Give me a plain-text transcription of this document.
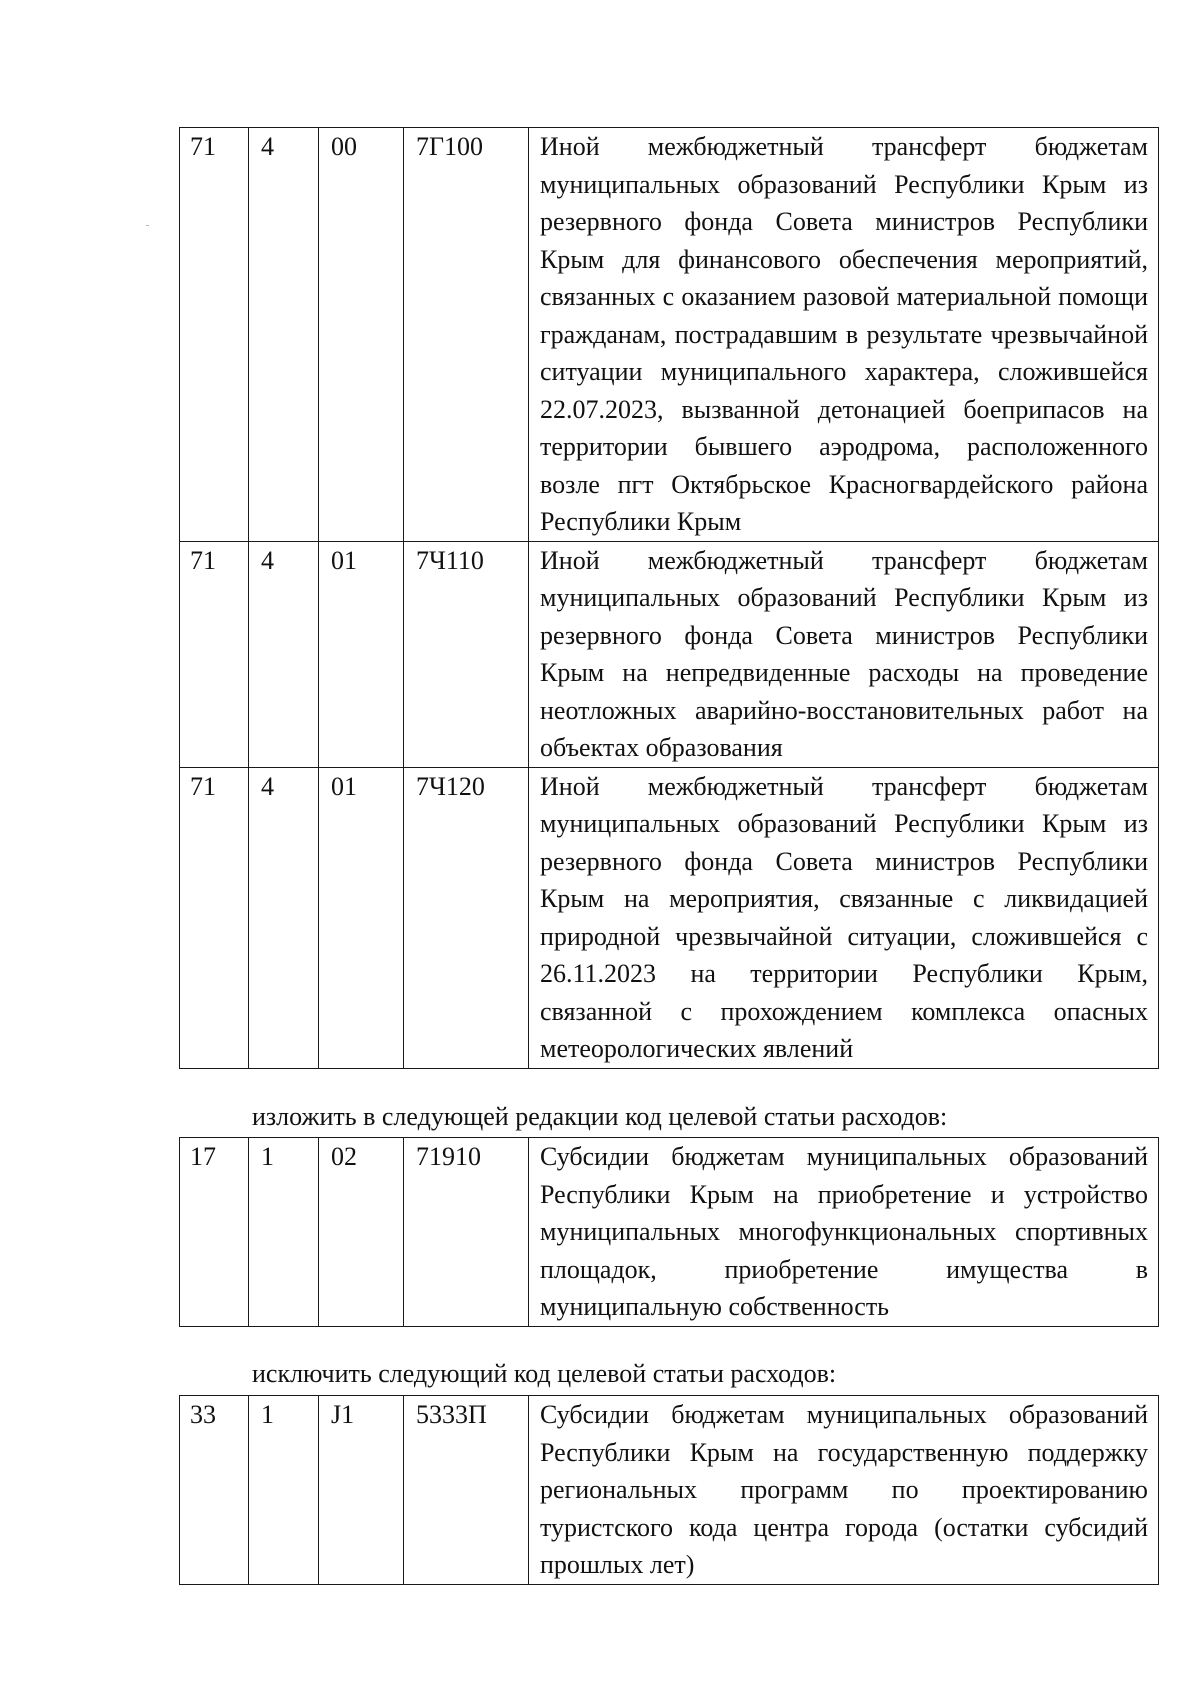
71	4	00	7Г100	Иной межбюджетный трансферт бюджетам муниципальных образований Республики Крым из резервного фонда Совета министров Республики Крым для финансового обеспечения мероприятий, связанных с оказанием разовой материальной помощи гражданам, пострадавшим в результате чрезвычайной ситуации муниципального характера, сложившейся 22.07.2023, вызванной детонацией боеприпасов на территории бывшего аэродрома, расположенного возле пгт Октябрьское Красногвардейского района Республики Крым
71	4	01	7Ч110	Иной межбюджетный трансферт бюджетам муниципальных образований Республики Крым из резервного фонда Совета министров Республики Крым на непредвиденные расходы на проведение неотложных аварийно-восстановительных работ на объектах образования
71	4	01	7Ч120	Иной межбюджетный трансферт бюджетам муниципальных образований Республики Крым из резервного фонда Совета министров Республики Крым на мероприятия, связанные с ликвидацией природной чрезвычайной ситуации, сложившейся с 26.11.2023 на территории Республики Крым, связанной с прохождением комплекса опасных метеорологических явлений
изложить в следующей редакции код целевой статьи расходов:
17	1	02	71910	Субсидии бюджетам муниципальных образований Республики Крым на приобретение и устройство муниципальных многофункциональных спортивных площадок, приобретение имущества в муниципальную собственность
исключить следующий код целевой статьи расходов:
33	1	J1	5333П	Субсидии бюджетам муниципальных образований Республики Крым на государственную поддержку региональных программ по проектированию туристского кода центра города (остатки субсидий прошлых лет)
